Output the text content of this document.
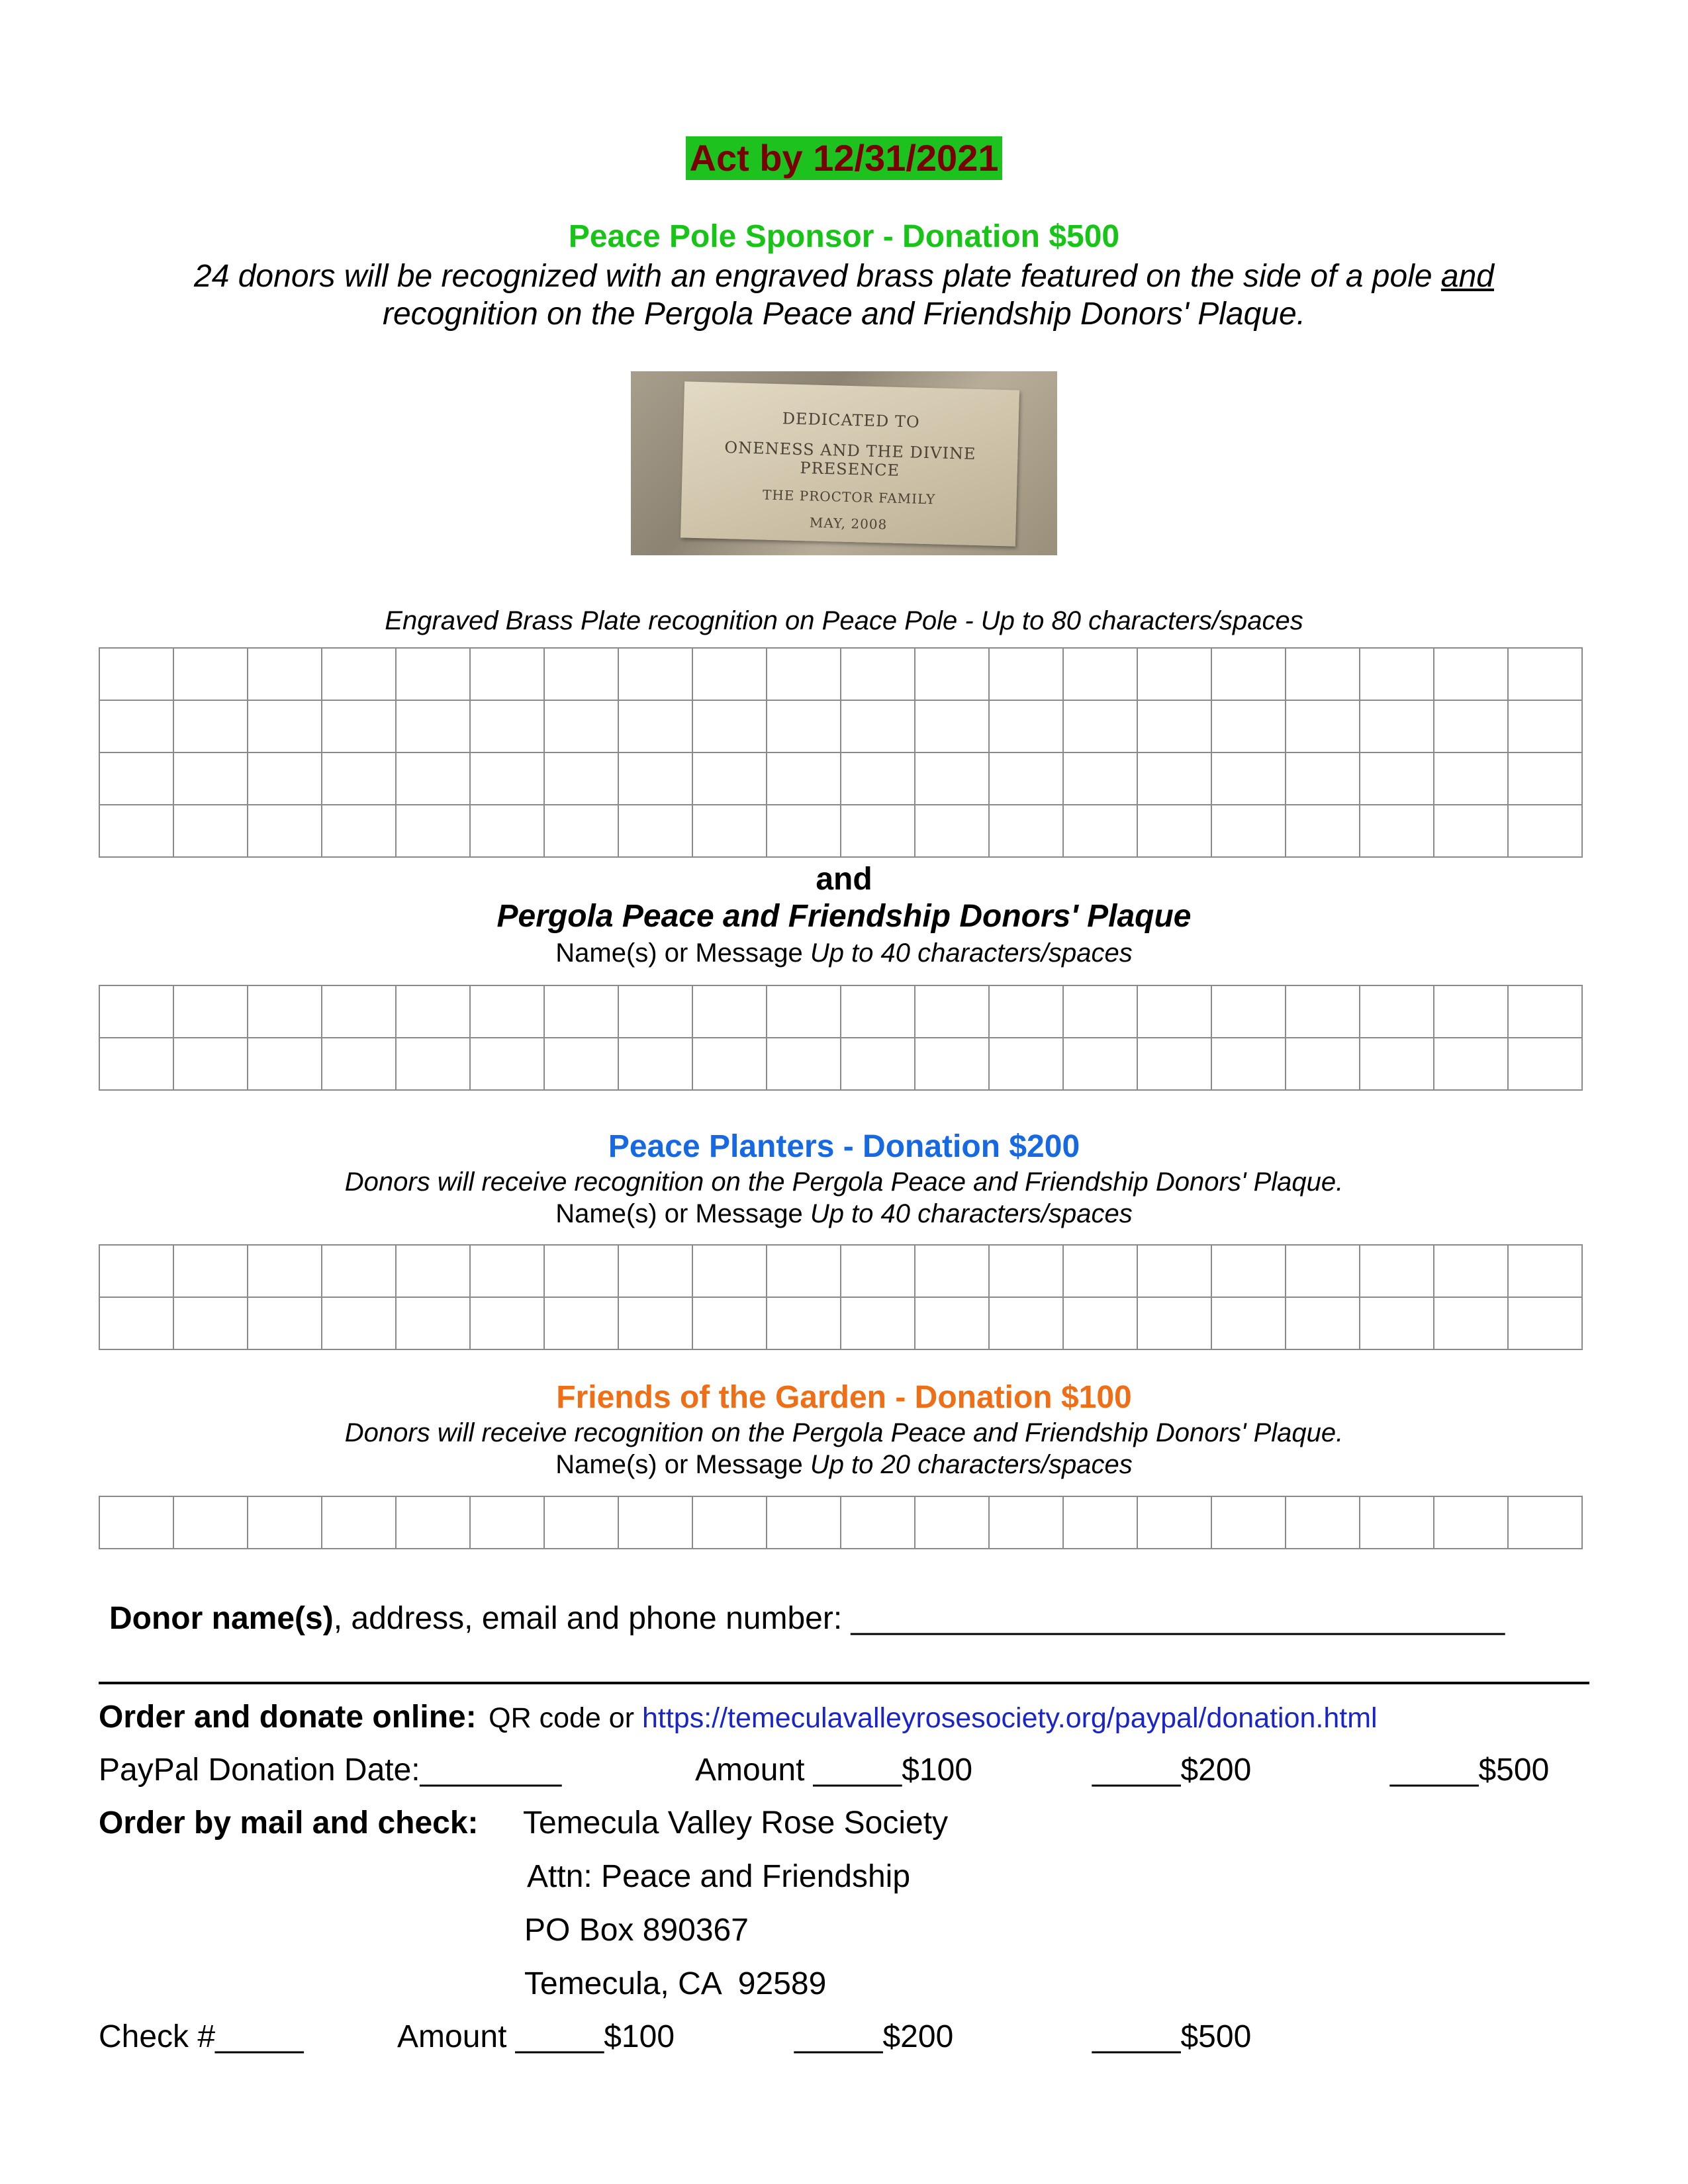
Act by 12/31/2021
Peace Pole Sponsor - Donation $500
24 donors will be recognized with an engraved brass plate featured on the side of a pole and
recognition on the Pergola Peace and Friendship Donors' Plaque.
DEDICATED TO
ONENESS AND THE DIVINE PRESENCE
THE PROCTOR FAMILY
MAY, 2008
Engraved Brass Plate recognition on Peace Pole - Up to 80 characters/spaces

and
Pergola Peace and Friendship Donors' Plaque
Name(s) or Message Up to 40 characters/spaces

Peace Planters - Donation $200
Donors will receive recognition on the Pergola Peace and Friendship Donors' Plaque.
Name(s) or Message Up to 40 characters/spaces

Friends of the Garden - Donation $100
Donors will receive recognition on the Pergola Peace and Friendship Donors' Plaque.
Name(s) or Message Up to 20 characters/spaces

Donor name(s), address, email and phone number: _____________________________________
Order and donate online: QR code or https://temeculavalleyrosesociety.org/paypal/donation.html
PayPal Donation Date:________	Amount _____$100	_____$200	_____$500
Order by mail and check: Temecula Valley Rose Society
Attn: Peace and Friendship
PO Box 890367
Temecula, CA  92589
Check #_____	Amount _____$100	_____$200	_____$500
